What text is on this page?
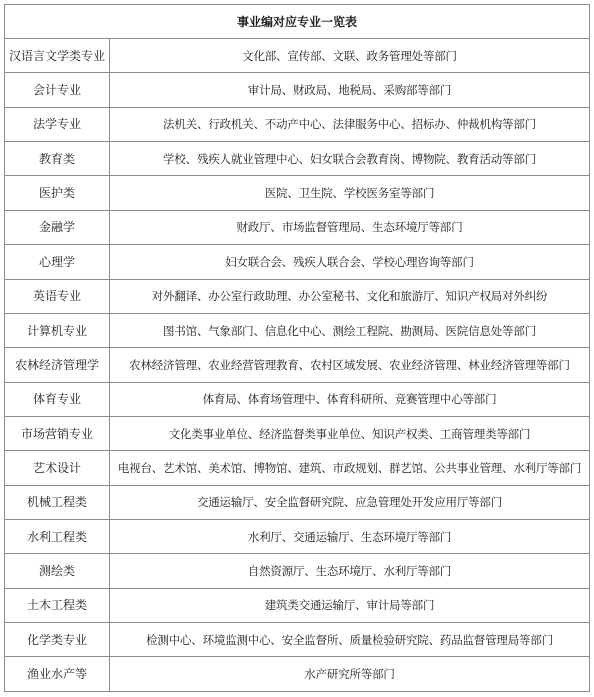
事业编对应专业一览表	
汉语言文学类专业	文化部、宣传部、文联、政务管理处等部门
会计专业	审计局、财政局、地税局、采购部等部门
法学专业	法机关、行政机关、不动产中心、法律服务中心、招标办、仲裁机构等部门
教育类	学校、残疾人就业管理中心、妇女联合会教育岗、博物院、教育活动等部门
医护类	医院、卫生院、学校医务室等部门
金融学	财政厅、市场监督管理局、生态环境厅等部门
心理学	妇女联合会、残疾人联合会、学校心理咨询等部门
英语专业	对外翻译、办公室行政助理、办公室秘书、文化和旅游厅、知识产权局对外纠纷
计算机专业	图书馆、气象部门、信息化中心、测绘工程院、勘测局、医院信息处等部门
农林经济管理学	农林经济管理、农业经营管理教育、农村区域发展、农业经济管理、林业经济管理等部门
体育专业	体育局、体育场管理中、体育科研所、竞赛管理中心等部门
市场营销专业	文化类事业单位、经济监督类事业单位、知识产权类、工商管理类等部门
艺术设计	电视台、艺术馆、美术馆、博物馆、建筑、市政规划、群艺馆、公共事业管理、水利厅等部门
机械工程类	交通运输厅、安全监督研究院、应急管理处开发应用厅等部门
水利工程类	水利厅、交通运输厅、生态环境厅等部门
测绘类	自然资源厅、生态环境厅、水利厅等部门
土木工程类	建筑类交通运输厅、审计局等部门
化学类专业	检测中心、环境监测中心、安全监督所、质量检验研究院、药品监督管理局等部门
渔业水产等	水产研究所等部门
